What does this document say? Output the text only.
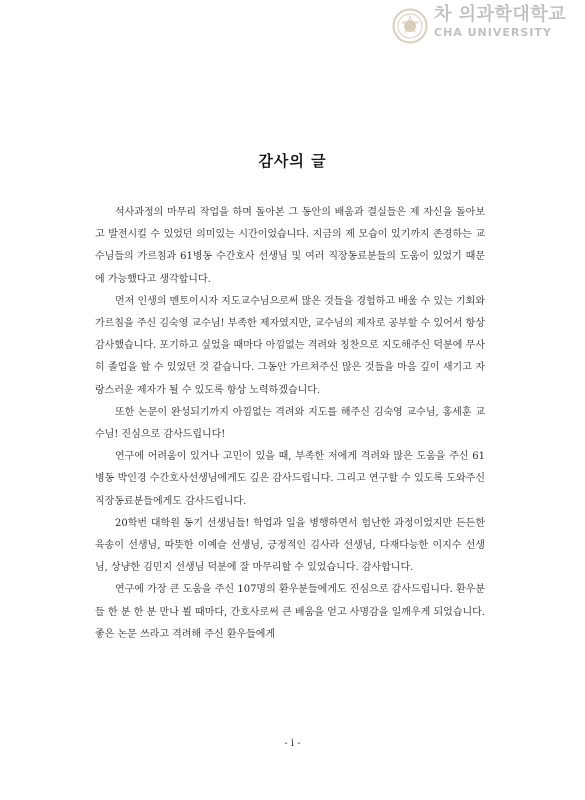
차 의과학대학교
CHA UNIVERSITY
감사의 글

석사과정의 마무리 작업을 하며 돌아본 그 동안의 배움과 결실들은 제 자신을 돌아보고 발전시킬 수 있었던 의미있는 시간이었습니다. 지금의 제 모습이 있기까지 존경하는 교수님들의 가르침과 61병동 수간호사 선생님 및 여러 직장동료분들의 도움이 있었기 때문에 가능했다고 생각합니다.

먼저 인생의 멘토이시자 지도교수님으로써 많은 것들을 경험하고 배울 수 있는 기회와 가르침을 주신 김숙영 교수님! 부족한 제자였지만, 교수님의 제자로 공부할 수 있어서 항상 감사했습니다. 포기하고 싶었을 때마다 아낌없는 격려와 칭찬으로 지도해주신 덕분에 무사히 졸업을 할 수 있었던 것 같습니다. 그동안 가르쳐주신 많은 것들을 마음 깊이 새기고 자랑스러운 제자가 될 수 있도록 항상 노력하겠습니다.

또한 논문이 완성되기까지 아낌없는 격려와 지도를 해주신 김숙영 교수님, 홍세훈 교수님! 진심으로 감사드립니다!

연구에 어려움이 있거나 고민이 있을 때, 부족한 저에게 격려와 많은 도움을 주신 61병동 박인경 수간호사선생님에게도 깊은 감사드립니다. 그리고 연구할 수 있도록 도와주신 직장동료분들에게도 감사드립니다.

20학번 대학원 동기 선생님들! 학업과 일을 병행하면서 험난한 과정이었지만 든든한 육송이 선생님, 따뜻한 이예슬 선생님, 긍정적인 김사라 선생님, 다재다능한 이지수 선생님, 상냥한 김민지 선생님 덕분에 잘 마무리할 수 있었습니다. 감사합니다.

연구에 가장 큰 도움을 주신 107명의 환우분들에게도 진심으로 감사드립니다. 환우분들 한 분 한 분 만나 뵐 때마다, 간호사로써 큰 배움을 얻고 사명감을 일깨우게 되었습니다. 좋은 논문 쓰라고 격려해 주신 환우들에게

- i -
